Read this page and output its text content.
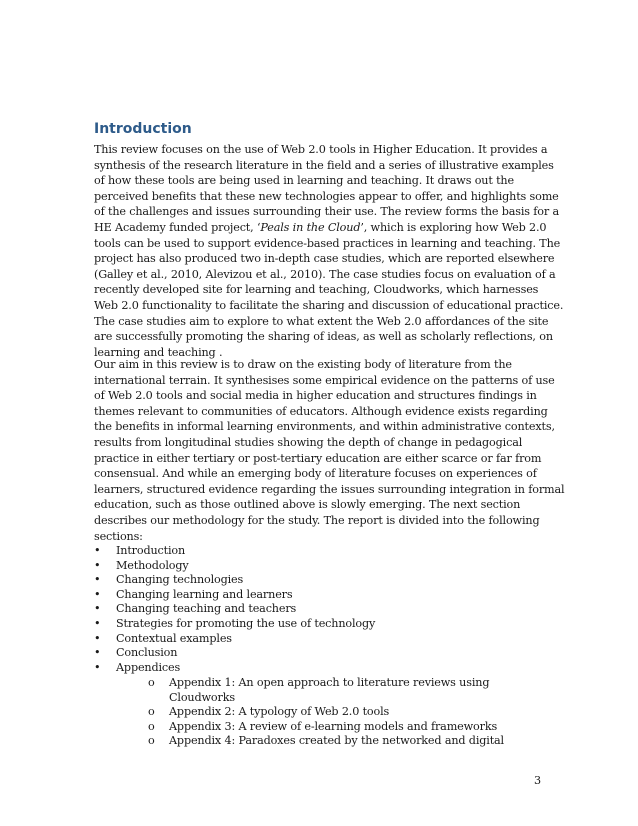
Introduction

This review focuses on the use of Web 2.0 tools in Higher Education. It provides a
synthesis of the research literature in the field and a series of illustrative examples
of how these tools are being used in learning and teaching. It draws out the
perceived benefits that these new technologies appear to offer, and highlights some
of the challenges and issues surrounding their use. The review forms the basis for a
HE Academy funded project, ‘Peals in the Cloud’, which is exploring how Web 2.0
tools can be used to support evidence-based practices in learning and teaching. The
project has also produced two in-depth case studies, which are reported elsewhere
(Galley et al., 2010, Alevizou et al., 2010). The case studies focus on evaluation of a
recently developed site for learning and teaching, Cloudworks, which harnesses
Web 2.0 functionality to facilitate the sharing and discussion of educational practice.
The case studies aim to explore to what extent the Web 2.0 affordances of the site
are successfully promoting the sharing of ideas, as well as scholarly reflections, on
learning and teaching .

Our aim in this review is to draw on the existing body of literature from the
international terrain. It synthesises some empirical evidence on the patterns of use
of Web 2.0 tools and social media in higher education and structures findings in
themes relevant to communities of educators. Although evidence exists regarding
the benefits in informal learning environments, and within administrative contexts,
results from longitudinal studies showing the depth of change in pedagogical
practice in either tertiary or post-tertiary education are either scarce or far from
consensual. And while an emerging body of literature focuses on experiences of
learners, structured evidence regarding the issues surrounding integration in formal
education, such as those outlined above is slowly emerging. The next section
describes our methodology for the study. The report is divided into the following
sections:

• Introduction
• Methodology
• Changing technologies
• Changing learning and learners
• Changing teaching and teachers
• Strategies for promoting the use of technology
• Contextual examples
• Conclusion
• Appendices
o Appendix 1: An open approach to literature reviews using
Cloudworks
o Appendix 2: A typology of Web 2.0 tools
o Appendix 3: A review of e-learning models and frameworks
o Appendix 4: Paradoxes created by the networked and digital
3
